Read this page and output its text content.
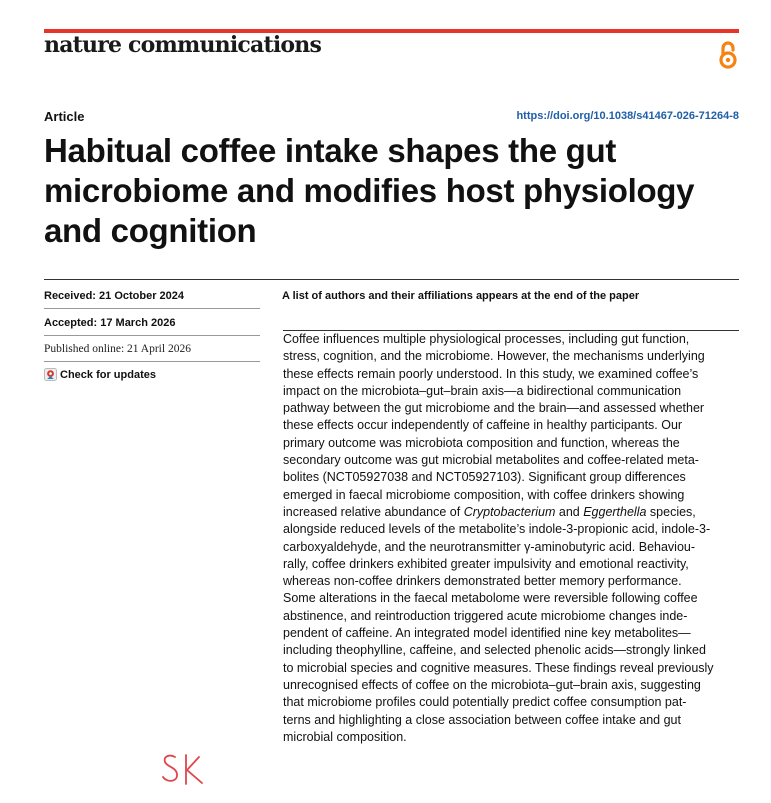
nature communications
Article	https://doi.org/10.1038/s41467-026-71264-8
Habitual coffee intake shapes the gut
microbiome and modifies host physiology
and cognition
Received: 21 October 2024
Accepted: 17 March 2026
Published online: 21 April 2026
Check for updates
A list of authors and their affiliations appears at the end of the paper
Coffee influences multiple physiological processes, including gut function,
stress, cognition, and the microbiome. However, the mechanisms underlying
these effects remain poorly understood. In this study, we examined coffee’s
impact on the microbiota–gut–brain axis—a bidirectional communication
pathway between the gut microbiome and the brain—and assessed whether
these effects occur independently of caffeine in healthy participants. Our
primary outcome was microbiota composition and function, whereas the
secondary outcome was gut microbial metabolites and coffee-related meta-
bolites (NCT05927038 and NCT05927103). Significant group differences
emerged in faecal microbiome composition, with coffee drinkers showing
increased relative abundance of Cryptobacterium and Eggerthella species,
alongside reduced levels of the metabolite’s indole-3-propionic acid, indole-3-
carboxyaldehyde, and the neurotransmitter γ-aminobutyric acid. Behaviou-
rally, coffee drinkers exhibited greater impulsivity and emotional reactivity,
whereas non-coffee drinkers demonstrated better memory performance.
Some alterations in the faecal metabolome were reversible following coffee
abstinence, and reintroduction triggered acute microbiome changes inde-
pendent of caffeine. An integrated model identified nine key metabolites—
including theophylline, caffeine, and selected phenolic acids—strongly linked
to microbial species and cognitive measures. These findings reveal previously
unrecognised effects of coffee on the microbiota–gut–brain axis, suggesting
that microbiome profiles could potentially predict coffee consumption pat-
terns and highlighting a close association between coffee intake and gut
microbial composition.
